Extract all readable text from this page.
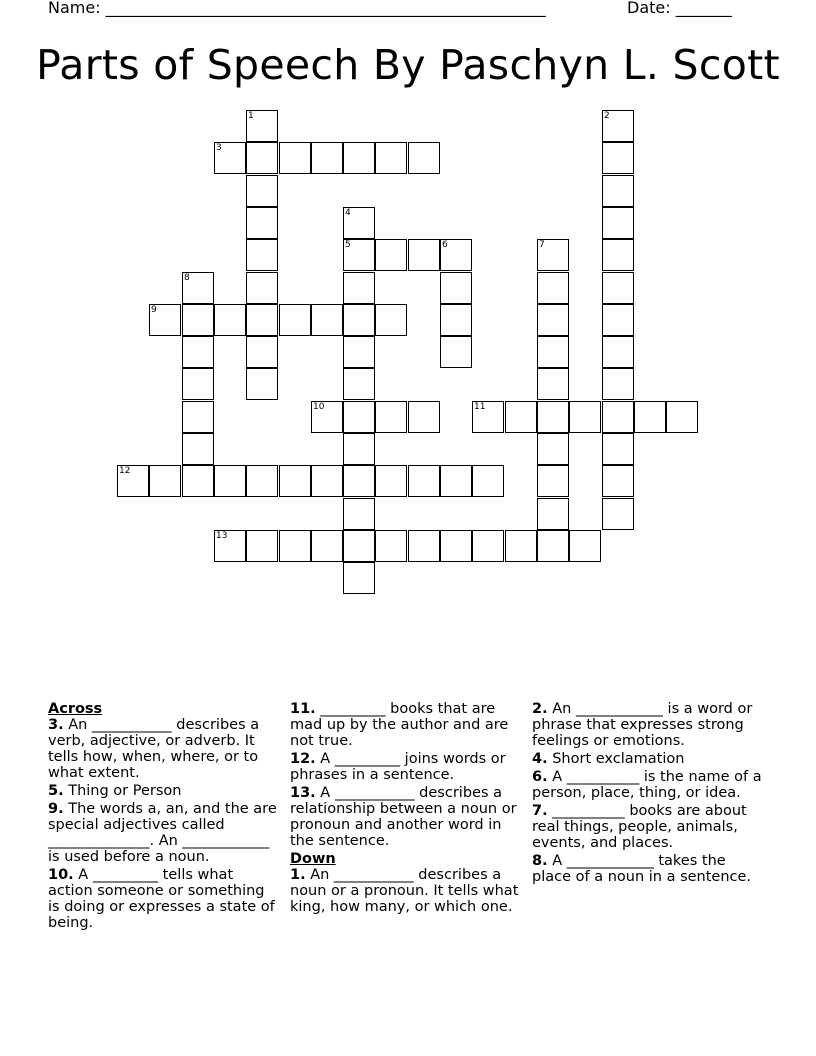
Name: _______________________________________________________	Date: _______
Parts of Speech By Paschyn L. Scott
1	2
3
4
5	6	7
8
9
10	11
12
13
Across
3. An ___________ describes a verb, adjective, or adverb. It tells how, when, where, or to what extent.
5. Thing or Person
9. The words a, an, and the are special adjectives called ______________. An ____________ is used before a noun.
10. A _________ tells what action someone or something is doing or expresses a state of being.
11. _________ books that are mad up by the author and are not true.
12. A _________ joins words or phrases in a sentence.
13. A ___________ describes a relationship between a noun or pronoun and another word in the sentence.
Down
1. An ___________ describes a noun or a pronoun. It tells what king, how many, or which one.
2. An ____________ is a word or phrase that expresses strong feelings or emotions.
4. Short exclamation
6. A __________ is the name of a person, place, thing, or idea.
7. __________ books are about real things, people, animals, events, and places.
8. A ____________ takes the place of a noun in a sentence.
